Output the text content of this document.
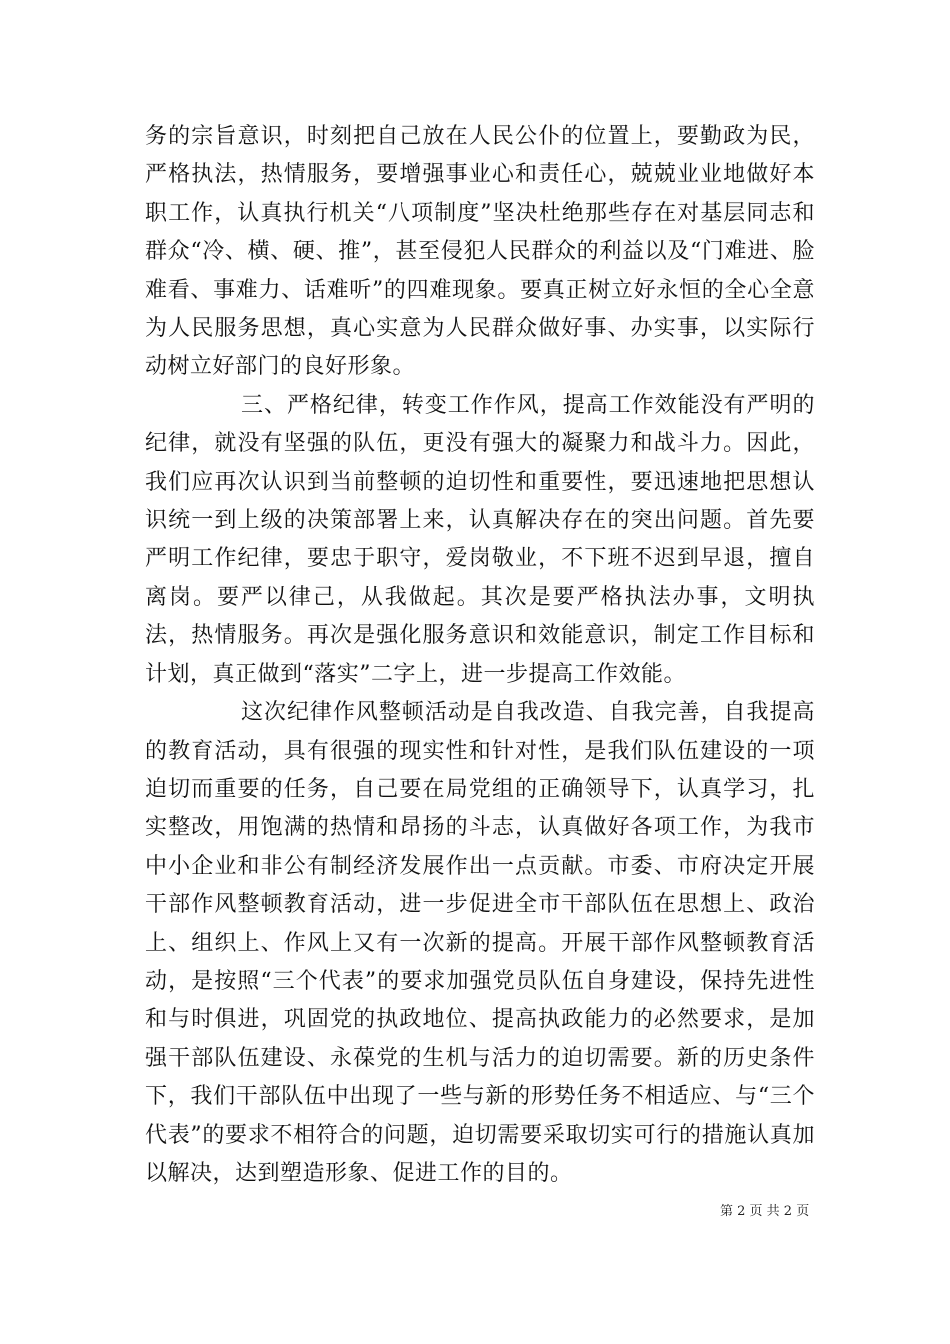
务的宗旨意识，时刻把自己放在人民公仆的位置上，要勤政为民，严格执法，热情服务，要增强事业心和责任心，兢兢业业地做好本职工作，认真执行机关“八项制度”坚决杜绝那些存在对基层同志和群众“冷、横、硬、推”，甚至侵犯人民群众的利益以及“门难进、脸难看、事难力、话难听”的四难现象。要真正树立好永恒的全心全意为人民服务思想，真心实意为人民群众做好事、办实事，以实际行动树立好部门的良好形象。

三、严格纪律，转变工作作风，提高工作效能没有严明的纪律，就没有坚强的队伍，更没有强大的凝聚力和战斗力。因此，我们应再次认识到当前整顿的迫切性和重要性，要迅速地把思想认识统一到上级的决策部署上来，认真解决存在的突出问题。首先要严明工作纪律，要忠于职守，爱岗敬业，不下班不迟到早退，擅自离岗。要严以律己，从我做起。其次是要严格执法办事，文明执法，热情服务。再次是强化服务意识和效能意识，制定工作目标和计划，真正做到“落实”二字上，进一步提高工作效能。

这次纪律作风整顿活动是自我改造、自我完善，自我提高的教育活动，具有很强的现实性和针对性，是我们队伍建设的一项迫切而重要的任务，自己要在局党组的正确领导下，认真学习，扎实整改，用饱满的热情和昂扬的斗志，认真做好各项工作，为我市中小企业和非公有制经济发展作出一点贡献。市委、市府决定开展干部作风整顿教育活动，进一步促进全市干部队伍在思想上、政治上、组织上、作风上又有一次新的提高。开展干部作风整顿教育活动，是按照“三个代表”的要求加强党员队伍自身建设，保持先进性和与时俱进，巩固党的执政地位、提高执政能力的必然要求，是加强干部队伍建设、永葆党的生机与活力的迫切需要。新的历史条件下，我们干部队伍中出现了一些与新的形势任务不相适应、与“三个代表”的要求不相符合的问题，迫切需要采取切实可行的措施认真加以解决，达到塑造形象、促进工作的目的。

第 2 页 共 2 页
